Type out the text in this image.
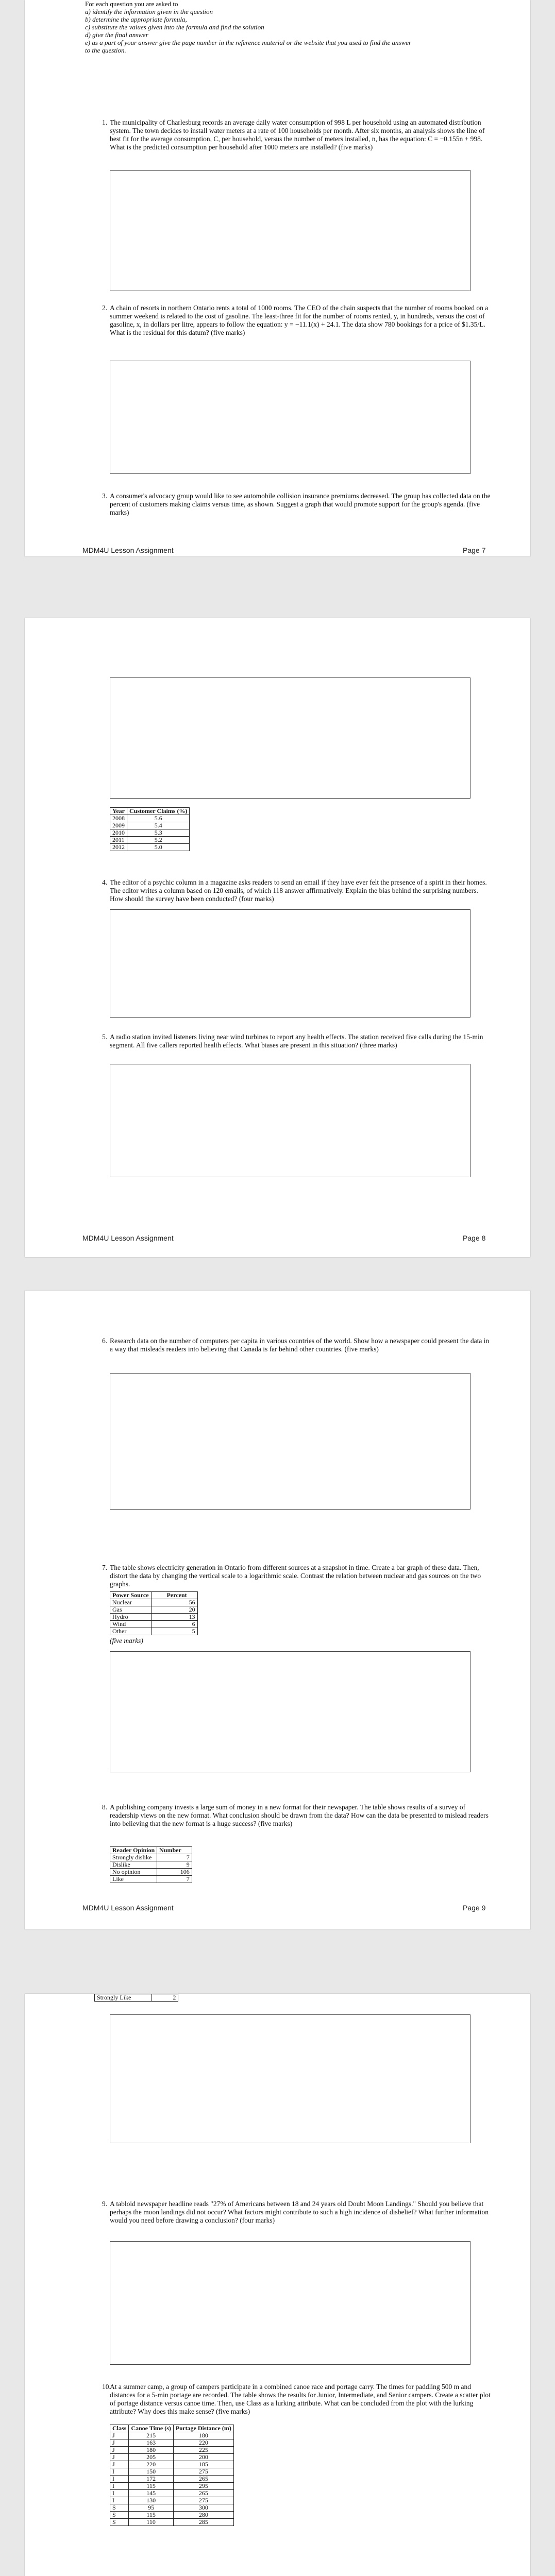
For each question you are asked to
a) identify the information given in the question
b) determine the appropriate formula,
c) substitute the values given into the formula and find the solution
d) give the final answer
e) as a part of your answer give the page number in the reference material or the website that you used to find the answer
to the question.
1. The municipality of Charlesburg records an average daily water consumption of 998 L per household using an automated distribution system. The town decides to install water meters at a rate of 100 households per month. After six months, an analysis shows the line of best fit for the average consumption, C, per household, versus the number of meters installed, n, has the equation: C = −0.155n + 998. What is the predicted consumption per household after 1000 meters are installed? (five marks)
2. A chain of resorts in northern Ontario rents a total of 1000 rooms. The CEO of the chain suspects that the number of rooms booked on a summer weekend is related to the cost of gasoline. The least-three fit for the number of rooms rented, y, in hundreds, versus the cost of gasoline, x, in dollars per litre, appears to follow the equation: y = −11.1(x) + 24.1. The data show 780 bookings for a price of $1.35/L. What is the residual for this datum? (five marks)
3. A consumer's advocacy group would like to see automobile collision insurance premiums decreased. The group has collected data on the percent of customers making claims versus time, as shown. Suggest a graph that would promote support for the group's agenda. (five marks)
MDM4U Lesson Assignment	Page 7
Year	Customer Claims (%)
2008	5.6
2009	5.4
2010	5.3
2011	5.2
2012	5.0
4. The editor of a psychic column in a magazine asks readers to send an email if they have ever felt the presence of a spirit in their homes. The editor writes a column based on 120 emails, of which 118 answer affirmatively. Explain the bias behind the surprising numbers. How should the survey have been conducted? (four marks)
5. A radio station invited listeners living near wind turbines to report any health effects. The station received five calls during the 15-min segment. All five callers reported health effects. What biases are present in this situation? (three marks)
MDM4U Lesson Assignment	Page 8
6. Research data on the number of computers per capita in various countries of the world. Show how a newspaper could present the data in a way that misleads readers into believing that Canada is far behind other countries. (five marks)
7. The table shows electricity generation in Ontario from different sources at a snapshot in time. Create a bar graph of these data. Then, distort the data by changing the vertical scale to a logarithmic scale. Contrast the relation between nuclear and gas sources on the two graphs.
Power Source	Percent
Nuclear	56
Gas	20
Hydro	13
Wind	6
Other	5
(five marks)
8. A publishing company invests a large sum of money in a new format for their newspaper. The table shows results of a survey of readership views on the new format. What conclusion should be drawn from the data? How can the data be presented to mislead readers into believing that the new format is a huge success? (five marks)
Reader Opinion	Number
Strongly dislike	7
Dislike	9
No opinion	106
Like	7
MDM4U Lesson Assignment	Page 9
Strongly Like	2
9. A tabloid newspaper headline reads "27% of Americans between 18 and 24 years old Doubt Moon Landings." Should you believe that perhaps the moon landings did not occur? What factors might contribute to such a high incidence of disbelief? What further information would you need before drawing a conclusion? (four marks)
10.
At a summer camp, a group of campers participate in a combined canoe race and portage carry. The times for paddling 500 m and distances for a 5-min portage are recorded. The table shows the results for Junior, Intermediate, and Senior campers. Create a scatter plot of portage distance versus canoe time. Then, use Class as a lurking attribute. What can be concluded from the plot with the lurking attribute? Why does this make sense? (five marks)
Class	Canoe Time (s)	Portage Distance (m)
J	215	180
J	163	220
J	180	225
J	205	200
J	220	185
I	150	275
I	172	265
I	115	295
I	145	265
I	130	275
S	95	300
S	115	280
S	110	285
